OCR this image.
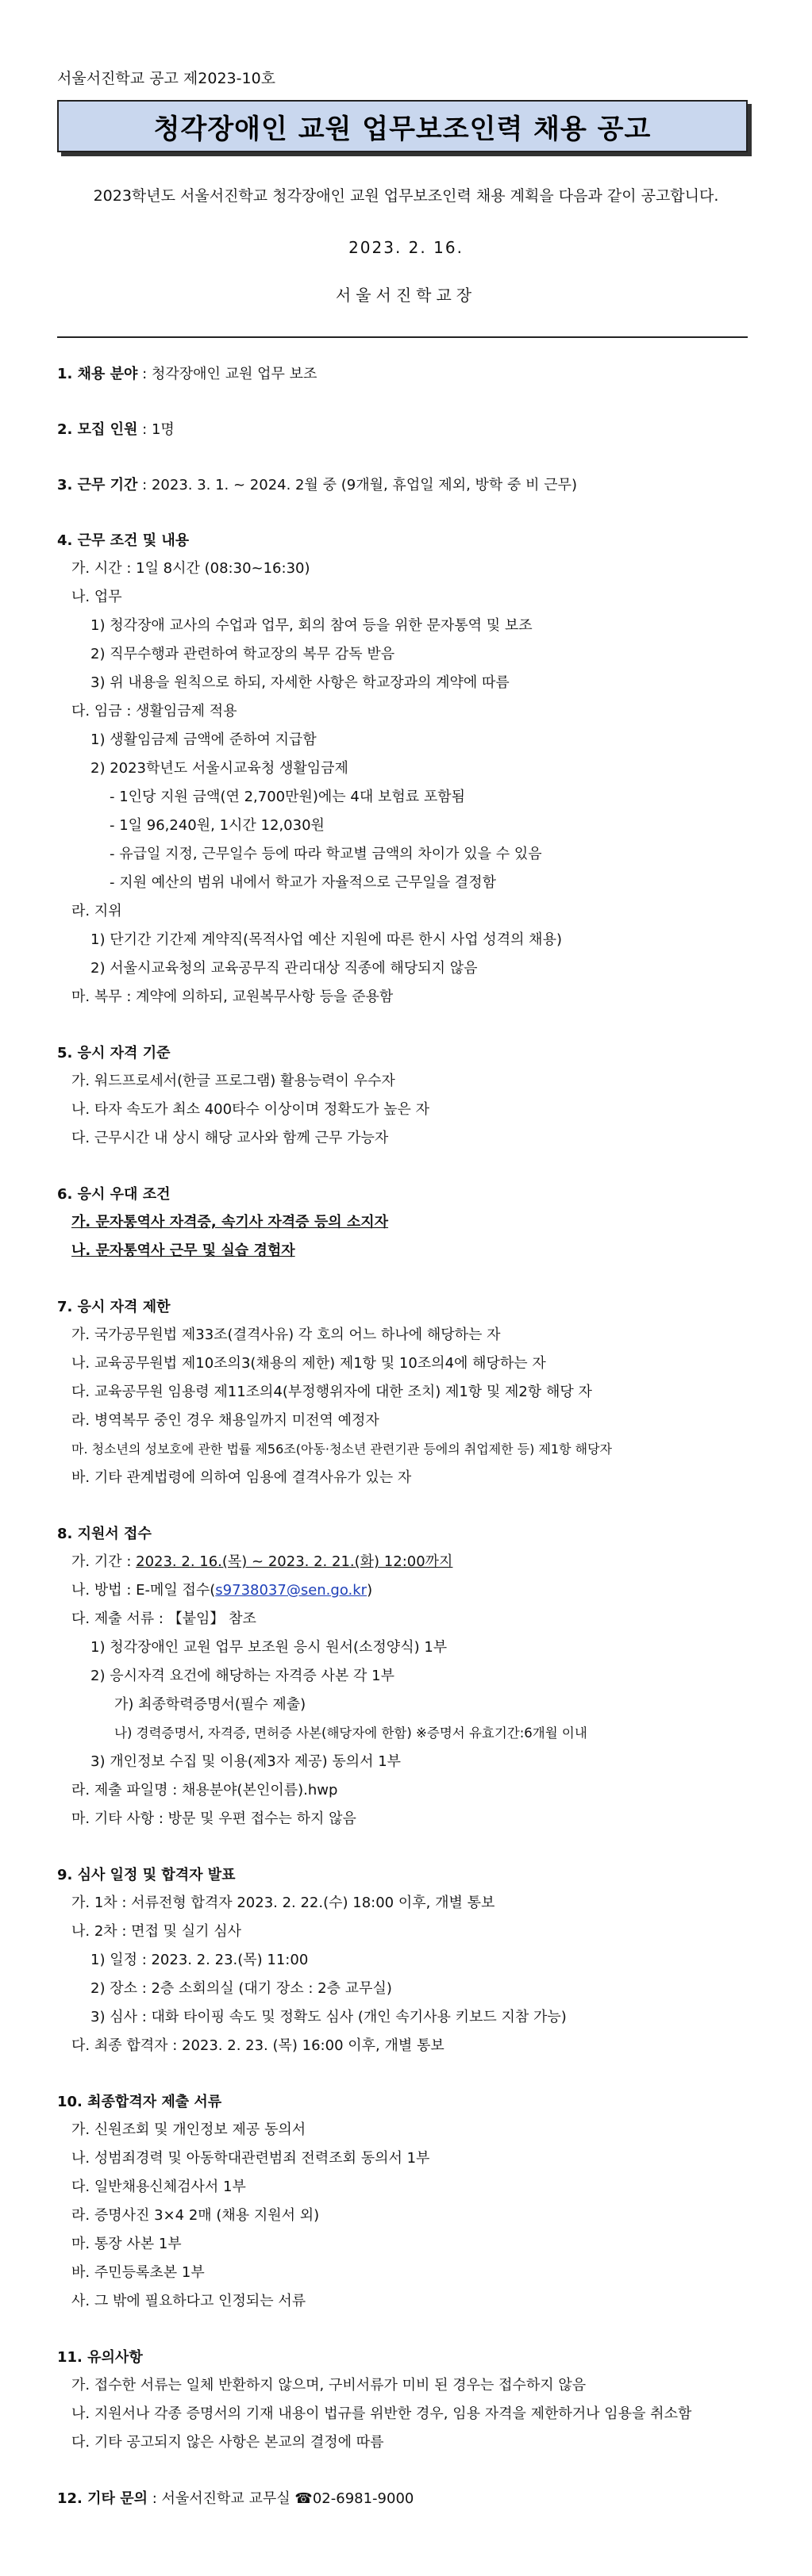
서울서진학교 공고 제2023-10호
청각장애인 교원 업무보조인력 채용 공고
2023학년도 서울서진학교 청각장애인 교원 업무보조인력 채용 계획을 다음과 같이 공고합니다.
2023. 2. 16.
서울서진학교장
1. 채용 분야 : 청각장애인 교원 업무 보조
2. 모집 인원 : 1명
3. 근무 기간 : 2023. 3. 1. ~ 2024. 2월 중 (9개월, 휴업일 제외, 방학 중 비 근무)
4. 근무 조건 및 내용
가. 시간 : 1일 8시간 (08:30~16:30)
나. 업무
1) 청각장애 교사의 수업과 업무, 회의 참여 등을 위한 문자통역 및 보조
2) 직무수행과 관련하여 학교장의 복무 감독 받음
3) 위 내용을 원칙으로 하되, 자세한 사항은 학교장과의 계약에 따름
다. 임금 : 생활임금제 적용
1) 생활임금제 금액에 준하여 지급함
2) 2023학년도 서울시교육청 생활임금제
- 1인당 지원 금액(연 2,700만원)에는 4대 보험료 포함됨
- 1일 96,240원, 1시간 12,030원
- 유급일 지정, 근무일수 등에 따라 학교별 금액의 차이가 있을 수 있음
- 지원 예산의 범위 내에서 학교가 자율적으로 근무일을 결정함
라. 지위
1) 단기간 기간제 계약직(목적사업 예산 지원에 따른 한시 사업 성격의 채용)
2) 서울시교육청의 교육공무직 관리대상 직종에 해당되지 않음
마. 복무 : 계약에 의하되, 교원복무사항 등을 준용함
5. 응시 자격 기준
가. 워드프로세서(한글 프로그램) 활용능력이 우수자
나. 타자 속도가 최소 400타수 이상이며 정확도가 높은 자
다. 근무시간 내 상시 해당 교사와 함께 근무 가능자
6. 응시 우대 조건
가. 문자통역사 자격증, 속기사 자격증 등의 소지자
나. 문자통역사 근무 및 실습 경험자
7. 응시 자격 제한
가. 국가공무원법 제33조(결격사유) 각 호의 어느 하나에 해당하는 자
나. 교육공무원법 제10조의3(채용의 제한) 제1항 및 10조의4에 해당하는 자
다. 교육공무원 임용령 제11조의4(부정행위자에 대한 조치) 제1항 및 제2항 해당 자
라. 병역복무 중인 경우 채용일까지 미전역 예정자
마. 청소년의 성보호에 관한 법률 제56조(아동·청소년 관련기관 등에의 취업제한 등) 제1항 해당자
바. 기타 관계법령에 의하여 임용에 결격사유가 있는 자
8. 지원서 접수
가. 기간 : 2023. 2. 16.(목) ~ 2023. 2. 21.(화) 12:00까지
나. 방법 : E-메일 접수(s9738037@sen.go.kr)
다. 제출 서류 : 【붙임】 참조
1) 청각장애인 교원 업무 보조원 응시 원서(소정양식) 1부
2) 응시자격 요건에 해당하는 자격증 사본 각 1부
가) 최종학력증명서(필수 제출)
나) 경력증명서, 자격증, 면허증 사본(해당자에 한함) ※증명서 유효기간:6개월 이내
3) 개인정보 수집 및 이용(제3자 제공) 동의서 1부
라. 제출 파일명 : 채용분야(본인이름).hwp
마. 기타 사항 : 방문 및 우편 접수는 하지 않음
9. 심사 일정 및 합격자 발표
가. 1차 : 서류전형 합격자 2023. 2. 22.(수) 18:00 이후, 개별 통보
나. 2차 : 면접 및 실기 심사
1) 일정 : 2023. 2. 23.(목) 11:00
2) 장소 : 2층 소회의실 (대기 장소 : 2층 교무실)
3) 심사 : 대화 타이핑 속도 및 정확도 심사 (개인 속기사용 키보드 지참 가능)
다. 최종 합격자 : 2023. 2. 23. (목) 16:00 이후, 개별 통보
10. 최종합격자 제출 서류
가. 신원조회 및 개인정보 제공 동의서
나. 성범죄경력 및 아동학대관련범죄 전력조회 동의서 1부
다. 일반채용신체검사서 1부
라. 증명사진 3×4 2매 (채용 지원서 외)
마. 통장 사본 1부
바. 주민등록초본 1부
사. 그 밖에 필요하다고 인정되는 서류
11. 유의사항
가. 접수한 서류는 일체 반환하지 않으며, 구비서류가 미비 된 경우는 접수하지 않음
나. 지원서나 각종 증명서의 기재 내용이 법규를 위반한 경우, 임용 자격을 제한하거나 임용을 취소함
다. 기타 공고되지 않은 사항은 본교의 결정에 따름
12. 기타 문의 : 서울서진학교 교무실 ☎02-6981-9000
